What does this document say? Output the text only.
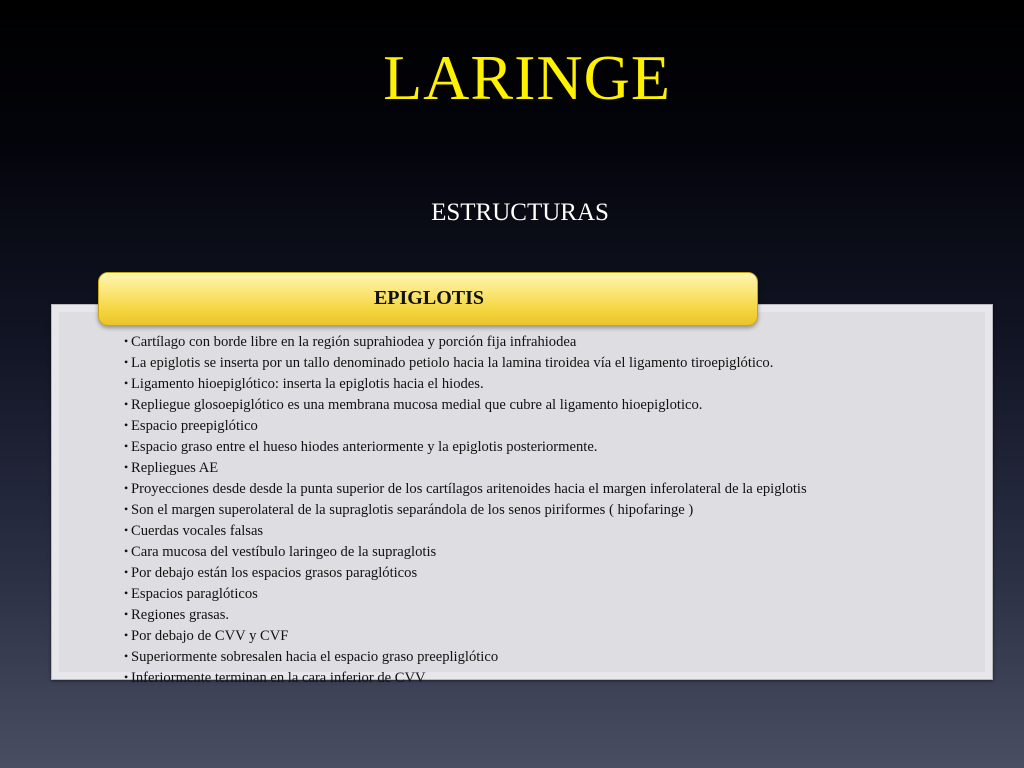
LARINGE
ESTRUCTURAS
EPIGLOTIS
• Cartílago con borde libre en la región suprahiodea y porción fija infrahiodea
• La epiglotis se inserta por un tallo denominado petiolo hacia la lamina tiroidea vía el ligamento tiroepiglótico.
• Ligamento hioepiglótico: inserta la epiglotis hacia el hiodes.
• Repliegue glosoepiglótico es una membrana mucosa medial que cubre al ligamento hioepiglotico.
• Espacio preepiglótico
• Espacio graso entre el hueso hiodes anteriormente y la epiglotis posteriormente.
• Repliegues AE
• Proyecciones desde desde la punta superior de los cartílagos aritenoides hacia el margen inferolateral de la epiglotis
• Son el margen superolateral de la supraglotis separándola de los senos piriformes ( hipofaringe )
• Cuerdas vocales falsas
• Cara mucosa del vestíbulo laringeo de la supraglotis
• Por debajo están los espacios grasos paraglóticos
• Espacios paraglóticos
• Regiones grasas.
• Por debajo de CVV y CVF
• Superiormente sobresalen hacia el espacio graso preepliglótico
• Inferiormente terminan en la cara inferior de CVV
